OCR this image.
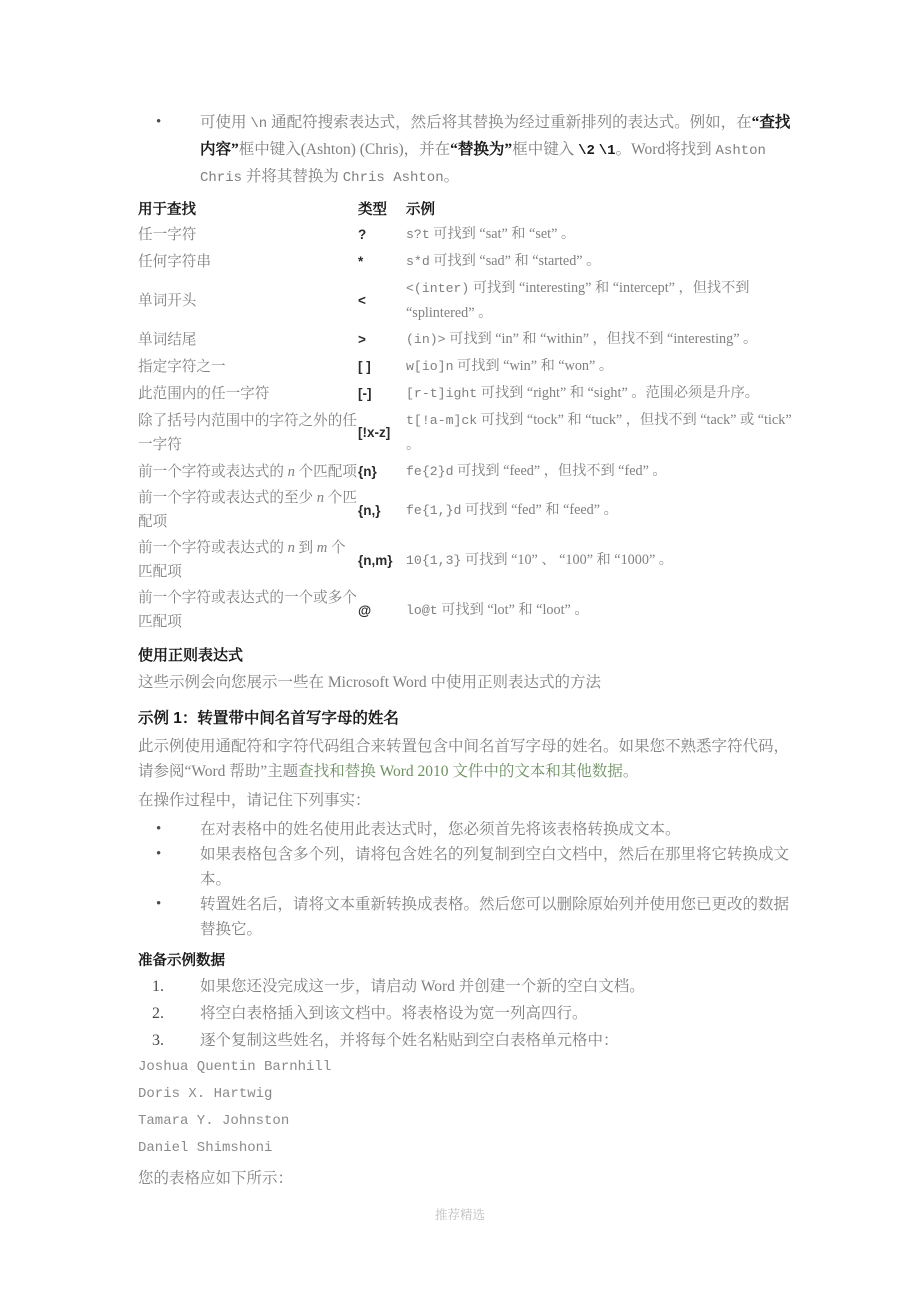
• 可使用 \n 通配符搜索表达式，然后将其替换为经过重新排列的表达式。例如，在“查找内容”框中键入(Ashton) (Chris)，并在“替换为”框中键入 \2 \1。Word将找到 Ashton Chris 并将其替换为 Chris Ashton。
用于查找	类型	示例
任一字符	?	s?t 可找到 “sat” 和 “set” 。
任何字符串	*	s*d 可找到 “sad” 和 “started” 。
单词开头	<	<(inter) 可找到 “interesting” 和 “intercept” ，但找不到 “splintered” 。
单词结尾	>	(in)> 可找到 “in” 和 “within” ，但找不到 “interesting” 。
指定字符之一	[ ]	w[io]n 可找到 “win” 和 “won” 。
此范围内的任一字符	[-]	[r-t]ight 可找到 “right” 和 “sight” 。范围必须是升序。
除了括号内范围中的字符之外的任一字符	[!x-z]	t[!a-m]ck 可找到 “tock” 和 “tuck” ，但找不到 “tack” 或 “tick” 。
前一个字符或表达式的 n 个匹配项	{n}	fe{2}d 可找到 “feed” ，但找不到 “fed” 。
前一个字符或表达式的至少 n 个匹配项	{n,}	fe{1,}d 可找到 “fed” 和 “feed” 。
前一个字符或表达式的 n 到 m 个匹配项	{n,m}	10{1,3} 可找到 “10” 、 “100” 和 “1000” 。
前一个字符或表达式的一个或多个匹配项	@	lo@t 可找到 “lot” 和 “loot” 。
使用正则表达式

这些示例会向您展示一些在 Microsoft Word 中使用正则表达式的方法

示例 1：转置带中间名首写字母的姓名

此示例使用通配符和字符代码组合来转置包含中间名首写字母的姓名。如果您不熟悉字符代码，请参阅“Word 帮助”主题查找和替换 Word 2010 文件中的文本和其他数据。

在操作过程中，请记住下列事实：

• 在对表格中的姓名使用此表达式时，您必须首先将该表格转换成文本。
• 如果表格包含多个列，请将包含姓名的列复制到空白文档中，然后在那里将它转换成文本。
• 转置姓名后，请将文本重新转换成表格。然后您可以删除原始列并使用您已更改的数据 替换它。
准备示例数据
1. 如果您还没完成这一步，请启动 Word 并创建一个新的空白文档。
2. 将空白表格插入到该文档中。将表格设为宽一列高四行。
3. 逐个复制这些姓名，并将每个姓名粘贴到空白表格单元格中：
Joshua Quentin Barnhill
Doris X. Hartwig
Tamara Y. Johnston
Daniel Shimshoni

您的表格应如下所示：

推荐精选
